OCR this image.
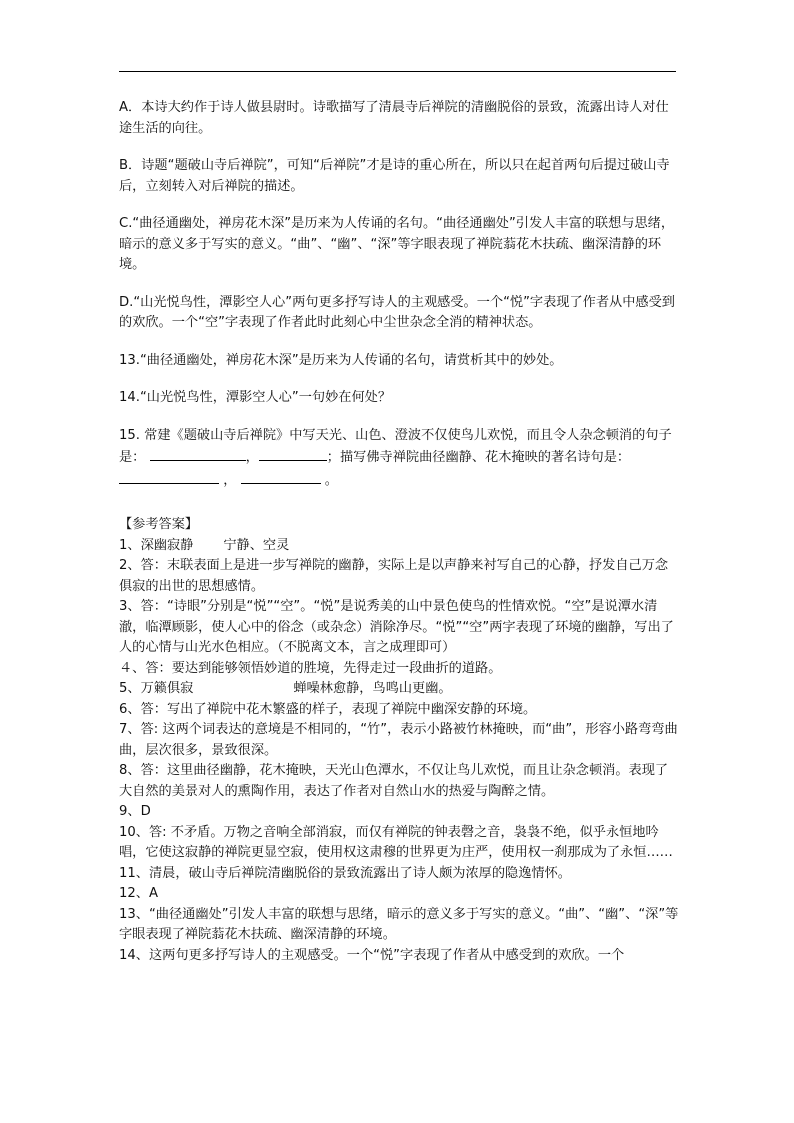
A．本诗大约作于诗人做县尉时。诗歌描写了清晨寺后禅院的清幽脱俗的景致，流露出诗人对仕途生活的向往。

B．诗题“题破山寺后禅院”，可知“后禅院”才是诗的重心所在，所以只在起首两句后提过破山寺后，立刻转入对后禅院的描述。

C.“曲径通幽处，禅房花木深”是历来为人传诵的名句。“曲径通幽处”引发人丰富的联想与思绪，暗示的意义多于写实的意义。“曲”、“幽”、“深”等字眼表现了禅院蓊花木扶疏、幽深清静的环境。

D.“山光悦鸟性，潭影空人心”两句更多抒写诗人的主观感受。一个“悦”字表现了作者从中感受到的欢欣。一个“空”字表现了作者此时此刻心中尘世杂念全消的精神状态。

13.“曲径通幽处，禅房花木深”是历来为人传诵的名句，请赏析其中的妙处。

14.“山光悦鸟性，潭影空人心”一句妙在何处？

15. 常建《题破山寺后禅院》中写天光、山色、澄波不仅使鸟儿欢悦，而且令人杂念顿消的句子是：	，	；描写佛寺禅院曲径幽静、花木掩映的著名诗句是：  ，	。

【参考答案】

1、深幽寂静 宁静、空灵

2、答：末联表面上是进一步写禅院的幽静，实际上是以声静来衬写自己的心静，抒发自己万念俱寂的出世的思想感情。

3、答：“诗眼”分别是“悦”“空”。“悦”是说秀美的山中景色使鸟的性情欢悦。“空”是说潭水清澈，临潭顾影，使人心中的俗念（或杂念）消除净尽。“悦”“空”两字表现了环境的幽静，写出了人的心情与山光水色相应。（不脱离文本，言之成理即可）

４、答：要达到能够领悟妙道的胜境，先得走过一段曲折的道路。

5、万籁俱寂	蝉噪林愈静，鸟鸣山更幽。

6、答：写出了禅院中花木繁盛的样子，表现了禅院中幽深安静的环境。

7、答: 这两个词表达的意境是不相同的，“竹”，表示小路被竹林掩映，而“曲”，形容小路弯弯曲曲，层次很多，景致很深。

8、答：这里曲径幽静，花木掩映，天光山色潭水，不仅让鸟儿欢悦，而且让杂念顿消。表现了大自然的美景对人的熏陶作用，表达了作者对自然山水的热爱与陶醉之情。

9、D

10、答: 不矛盾。万物之音响全部消寂，而仅有禅院的钟表磬之音，袅袅不绝，似乎永恒地吟唱，它使这寂静的禅院更显空寂，使用权这肃穆的世界更为庄严，使用权一刹那成为了永恒……

11、清晨，破山寺后禅院清幽脱俗的景致流露出了诗人颇为浓厚的隐逸情怀。

12、A

13、“曲径通幽处”引发人丰富的联想与思绪，暗示的意义多于写实的意义。“曲”、“幽”、“深”等字眼表现了禅院蓊花木扶疏、幽深清静的环境。

14、这两句更多抒写诗人的主观感受。一个“悦”字表现了作者从中感受到的欢欣。一个
